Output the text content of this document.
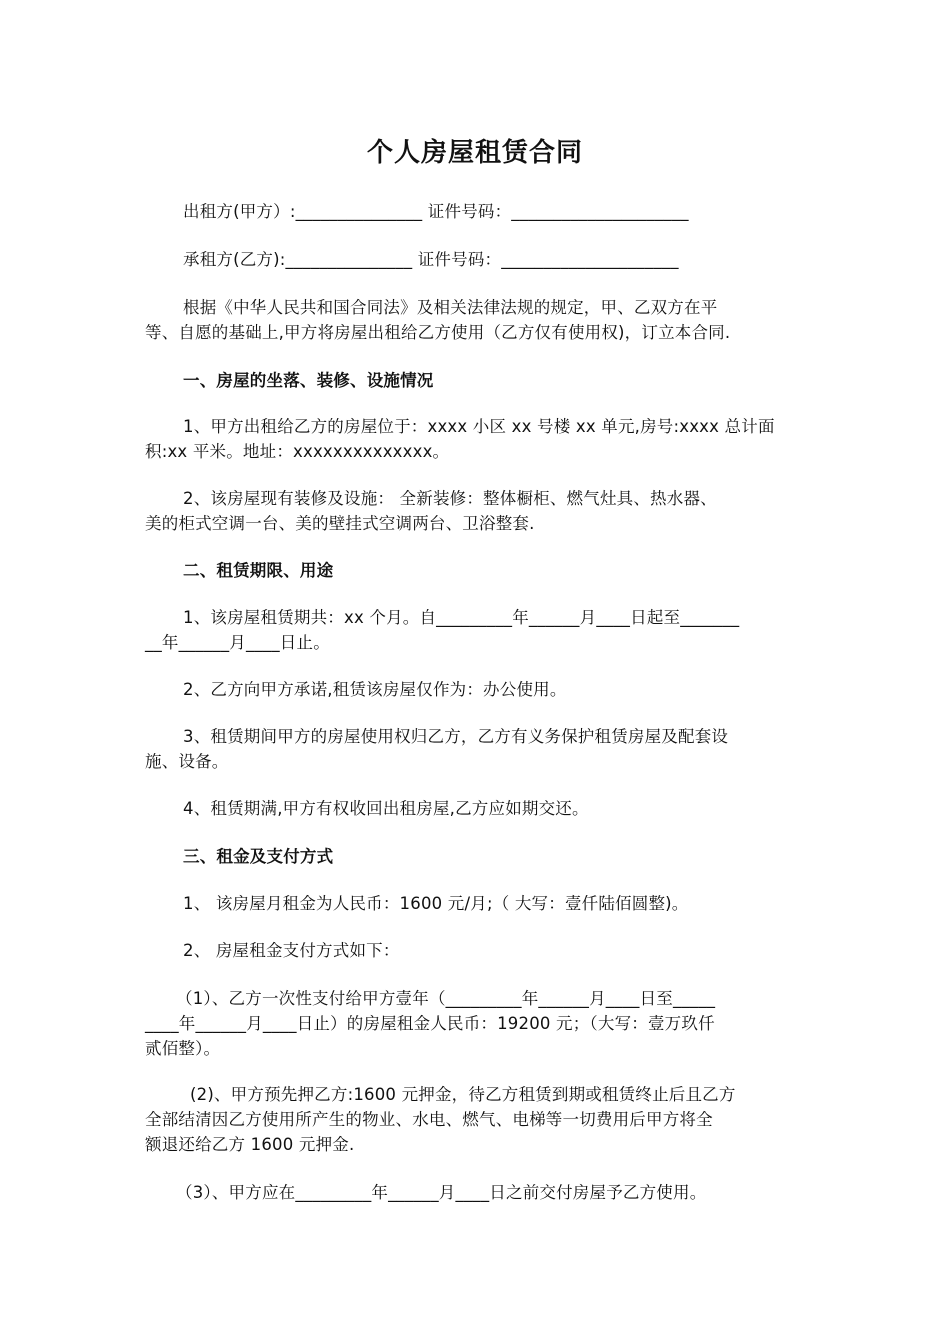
个人房屋租赁合同
出租方(甲方）:_______________ 证件号码：_____________________
承租方(乙方):_______________ 证件号码：_____________________
根据《中华人民共和国合同法》及相关法律法规的规定，甲、乙双方在平
等、自愿的基础上,甲方将房屋出租给乙方使用（乙方仅有使用权)，订立本合同.
一、房屋的坐落、装修、设施情况
1、甲方出租给乙方的房屋位于：xxxx 小区 xx 号楼 xx 单元,房号:xxxx 总计面
积:xx 平米。地址：xxxxxxxxxxxxxx。
2、该房屋现有装修及设施： 全新装修：整体橱柜、燃气灶具、热水器、
美的柜式空调一台、美的壁挂式空调两台、卫浴整套.
二、租赁期限、用途
1、该房屋租赁期共：xx 个月。自_________年______月____日起至_______
__年______月____日止。
2、乙方向甲方承诺,租赁该房屋仅作为：办公使用。
3、租赁期间甲方的房屋使用权归乙方，乙方有义务保护租赁房屋及配套设
施、设备。
4、租赁期满,甲方有权收回出租房屋,乙方应如期交还。
三、租金及支付方式
1、 该房屋月租金为人民币：1600 元/月;（ 大写：壹仟陆佰圆整)。
2、 房屋租金支付方式如下：
（1）、乙方一次性支付给甲方壹年（_________年______月____日至_____
____年______月____日止）的房屋租金人民币：19200 元；（大写：壹万玖仟
贰佰整）。
(2)、甲方预先押乙方:1600 元押金，待乙方租赁到期或租赁终止后且乙方
全部结清因乙方使用所产生的物业、水电、燃气、电梯等一切费用后甲方将全
额退还给乙方 1600 元押金.
（3）、甲方应在_________年______月____日之前交付房屋予乙方使用。
